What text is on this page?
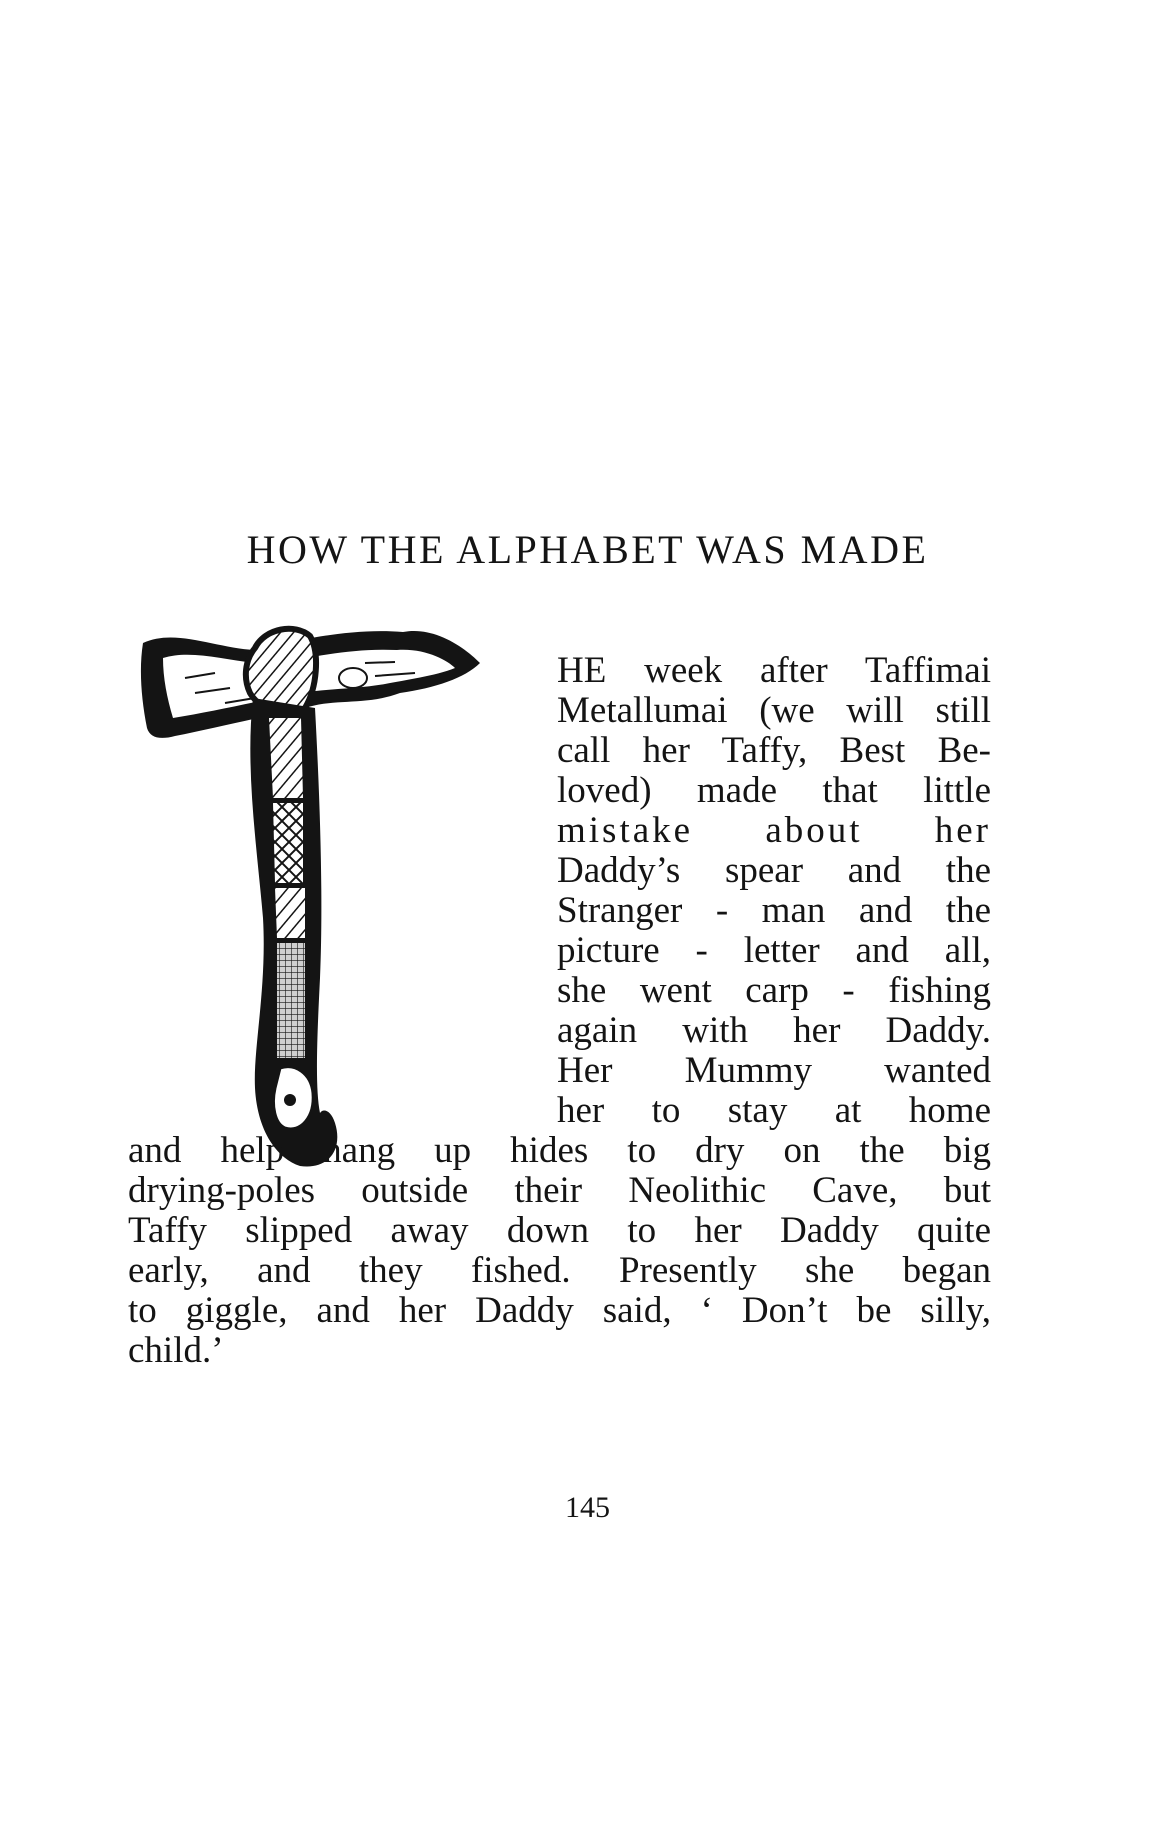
HOW THE ALPHABET WAS MADE
HE week after Taffimai
Metallumai (we will still
call her Taffy, Best Be-
loved) made that little
mistake about her
Daddy’s spear and the
Stranger - man and the
picture - letter and all,
she went carp - fishing
again with her Daddy.
Her Mummy wanted
her to stay at home
and help hang up hides to dry on the big
drying-poles outside their Neolithic Cave, but
Taffy slipped away down to her Daddy quite
early, and they fished. Presently she began
to giggle, and her Daddy said, ‘ Don’t be silly,
child.’
145
